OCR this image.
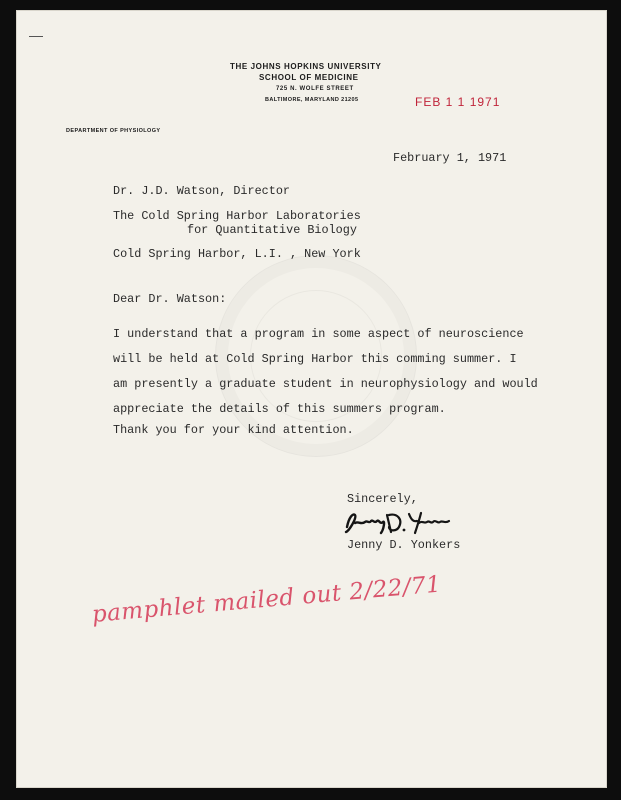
THE JOHNS HOPKINS UNIVERSITY
SCHOOL OF MEDICINE
725 N. WOLFE STREET
BALTIMORE, MARYLAND 21205
DEPARTMENT OF PHYSIOLOGY
FEB 1 1 1971
February 1, 1971
Dr. J.D. Watson, Director
The Cold Spring Harbor Laboratories
for Quantitative Biology
Cold Spring Harbor, L.I. , New York
Dear Dr. Watson:
I understand that a program in some aspect of neuroscience
will be held at Cold Spring Harbor this comming summer. I
am presently a graduate student in neurophysiology and would
appreciate the details of this summers program.
Thank you for your kind attention.
Sincerely,
Jenny D. Yonkers
pamphlet mailed out 2/22/71
